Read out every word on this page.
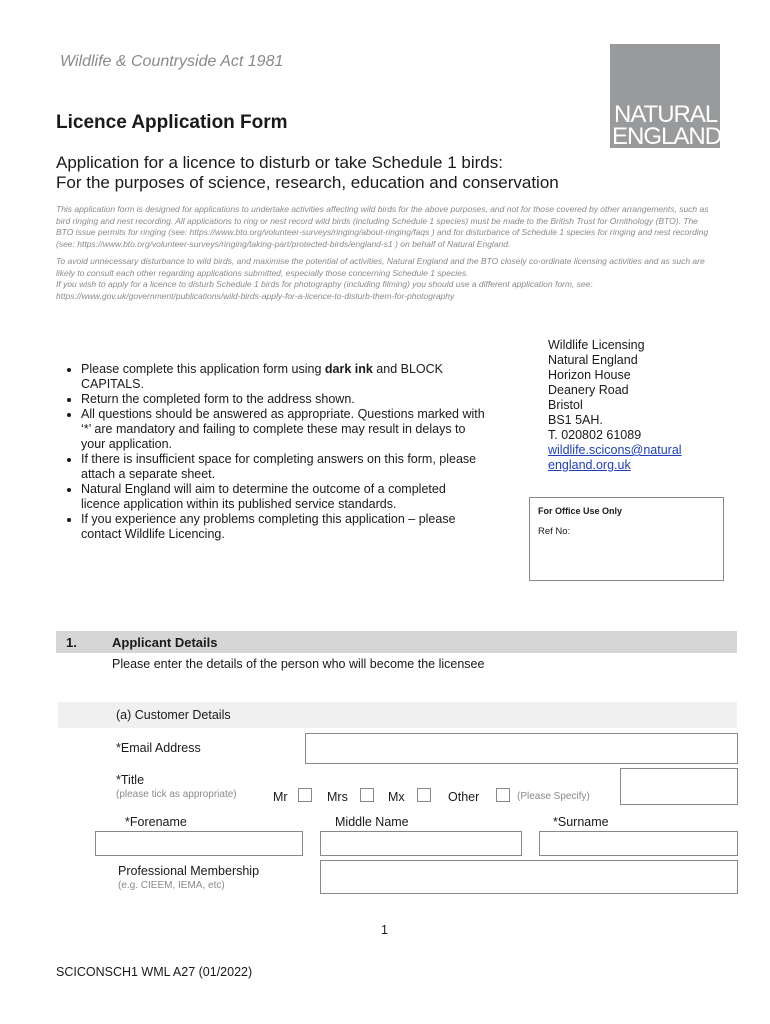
Wildlife & Countryside Act 1981
NATURAL
ENGLAND
Licence Application Form
Application for a licence to disturb or take Schedule 1 birds:
For the purposes of science, research, education and conservation

This application form is designed for applications to undertake activities affecting wild birds for the above purposes, and not for those covered by other arrangements, such as bird ringing and nest recording. All applications to ring or nest record wild birds (including Schedule 1 species) must be made to the British Trust for Ornithology (BTO). The BTO issue permits for ringing (see: https://www.bto.org/volunteer-surveys/ringing/about-ringing/faqs ) and for disturbance of Schedule 1 species for ringing and nest recording (see: https://www.bto.org/volunteer-surveys/ringing/taking-part/protected-birds/england-s1 ) on behalf of Natural England.

To avoid unnecessary disturbance to wild birds, and maximise the potential of activities, Natural England and the BTO closely co-ordinate licensing activities and as such are likely to consult each other regarding applications submitted, especially those concerning Schedule 1 species.

If you wish to apply for a licence to disturb Schedule 1 birds for photography (including filming) you should use a different application form, see: https://www.gov.uk/government/publications/wild-birds-apply-for-a-licence-to-disturb-them-for-photography

Wildlife Licensing
Natural England
Horizon House
Deanery Road
Bristol
BS1 5AH.
T. 020802 61089
wildlife.scicons@natural
england.org.uk
• Please complete this application form using dark ink and BLOCK CAPITALS.
• Return the completed form to the address shown.
• All questions should be answered as appropriate. Questions marked with ‘*’ are mandatory and failing to complete these may result in delays to your application.
• If there is insufficient space for completing answers on this form, please attach a separate sheet.
• Natural England will aim to determine the outcome of a completed licence application within its published service standards.
• If you experience any problems completing this application – please contact Wildlife Licencing.
For Office Use Only
Ref No:
1.	Applicant Details
Please enter the details of the person who will become the licensee
(a) Customer Details
*Email Address
*Title
(please tick as appropriate)	Mr	Mrs	Mx	Other	(Please Specify)
*Forename	Middle Name	*Surname
Professional Membership
(e.g. CIEEM, IEMA, etc)
1
SCICONSCH1 WML A27 (01/2022)
